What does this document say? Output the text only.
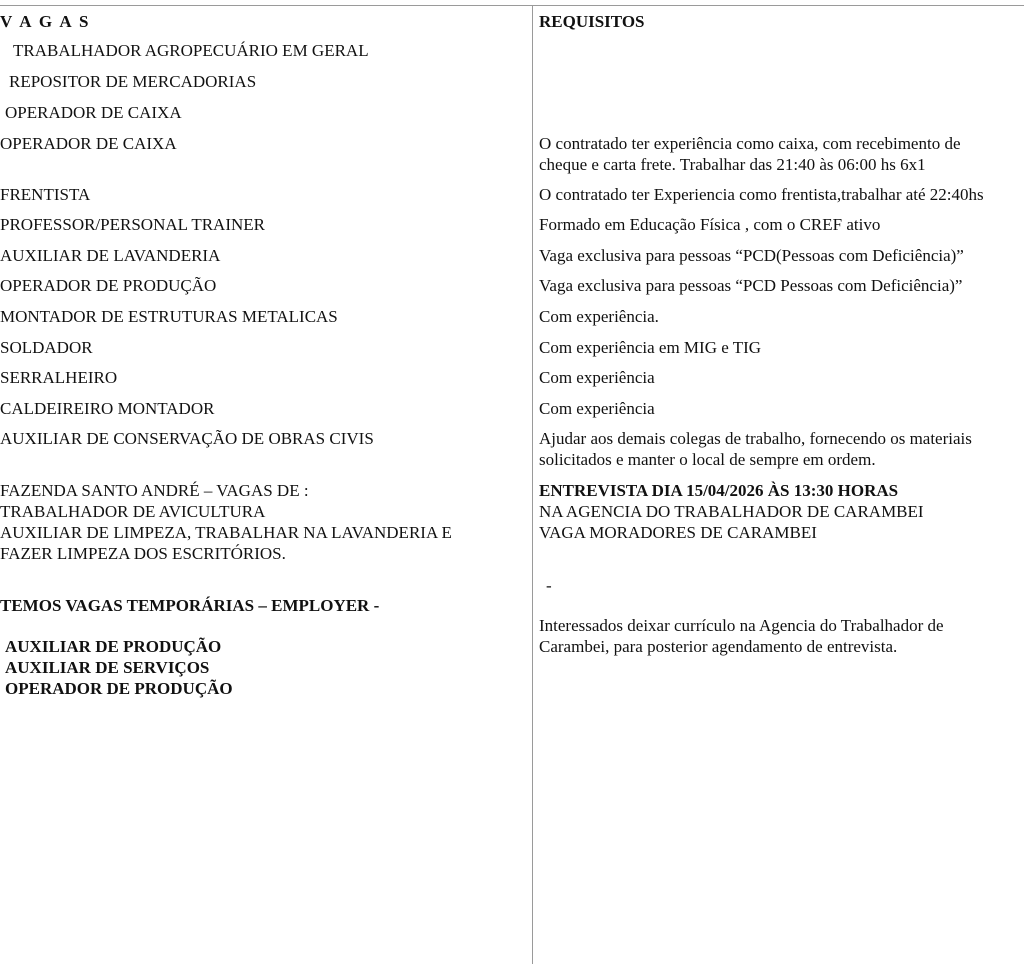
V A G A S	REQUISITOS
TRABALHADOR AGROPECUÁRIO EM GERAL
REPOSITOR DE MERCADORIAS
OPERADOR DE CAIXA
OPERADOR DE CAIXA
FRENTISTA
PROFESSOR/PERSONAL TRAINER
AUXILIAR DE LAVANDERIA
OPERADOR DE PRODUÇÃO
MONTADOR DE ESTRUTURAS METALICAS
SOLDADOR
SERRALHEIRO
CALDEIREIRO MONTADOR
AUXILIAR DE CONSERVAÇÃO DE OBRAS CIVIS
O contratado ter experiência como caixa, com recebimento de
cheque e carta frete. Trabalhar das 21:40 às 06:00 hs 6x1
O contratado ter Experiencia como frentista,trabalhar até 22:40hs
Formado em Educação Física , com o CREF ativo
Vaga exclusiva para pessoas “PCD(Pessoas com Deficiência)”
Vaga exclusiva para pessoas “PCD Pessoas com Deficiência)”
Com experiência.
Com experiência em MIG e TIG
Com experiência
Com experiência
Ajudar aos demais colegas de trabalho, fornecendo os materiais
solicitados e manter o local de sempre em ordem.
FAZENDA SANTO ANDRÉ – VAGAS DE :
TRABALHADOR DE AVICULTURA
AUXILIAR DE LIMPEZA, TRABALHAR NA LAVANDERIA E
FAZER LIMPEZA DOS ESCRITÓRIOS.
ENTREVISTA DIA 15/04/2026 ÀS 13:30 HORAS
NA AGENCIA DO TRABALHADOR DE CARAMBEI
VAGA MORADORES DE CARAMBEI
TEMOS VAGAS TEMPORÁRIAS – EMPLOYER -
-
Interessados deixar currículo na Agencia do Trabalhador de
Carambei, para posterior agendamento de entrevista.
AUXILIAR DE PRODUÇÃO
AUXILIAR DE SERVIÇOS
OPERADOR DE PRODUÇÃO
